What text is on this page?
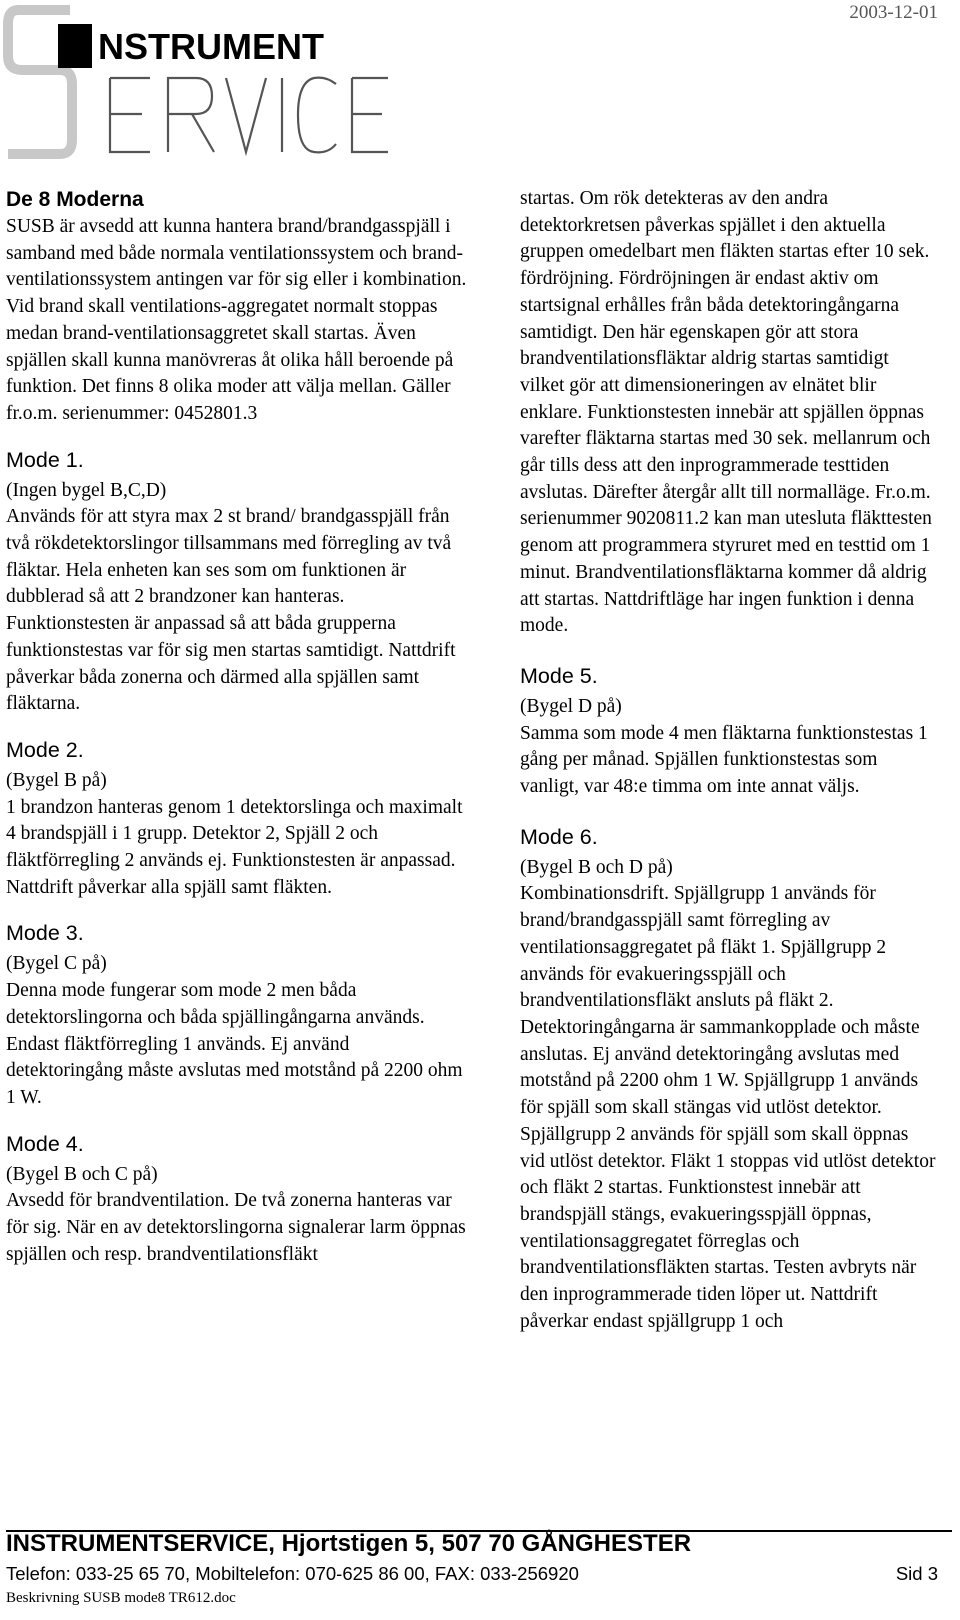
2003-12-01
NSTRUMENT
De 8 Moderna

SUSB är avsedd att kunna hantera brand/brandgasspjäll i samband med både normala ventilationssystem och brand-ventilationssystem antingen var för sig eller i kombination. Vid brand skall ventilations-aggregatet normalt stoppas medan brand-ventilationsaggretet skall startas. Även spjällen skall kunna manövreras åt olika håll beroende på funktion. Det finns 8 olika moder att välja mellan. Gäller fr.o.m. serienummer: 0452801.3

Mode 1.

(Ingen bygel B,C,D)

Används för att styra max 2 st brand/ brandgasspjäll från två rökdetektorslingor tillsammans med förregling av två fläktar. Hela enheten kan ses som om funktionen är dubblerad så att 2 brandzoner kan hanteras. Funktionstesten är anpassad så att båda grupperna funktionstestas var för sig men startas samtidigt. Nattdrift påverkar båda zonerna och därmed alla spjällen samt fläktarna.

Mode 2.

(Bygel B på)

1 brandzon hanteras genom 1 detektorslinga och maximalt 4 brandspjäll i 1 grupp. Detektor 2, Spjäll 2 och fläktförregling 2 används ej. Funktionstesten är anpassad. Nattdrift påverkar alla spjäll samt fläkten.

Mode 3.

(Bygel C på)

Denna mode fungerar som mode 2 men båda detektorslingorna och båda spjällingångarna används. Endast fläktförregling 1 används. Ej använd detektoringång måste avslutas med motstånd på 2200 ohm 1 W.

Mode 4.

(Bygel B och C på)

Avsedd för brandventilation. De två zonerna hanteras var för sig. När en av detektorslingorna signalerar larm öppnas spjällen och resp. brandventilationsfläkt

startas. Om rök detekteras av den andra detektorkretsen påverkas spjället i den aktuella gruppen omedelbart men fläkten startas efter 10 sek. fördröjning. Fördröjningen är endast aktiv om startsignal erhålles från båda detektoringångarna samtidigt. Den här egenskapen gör att stora brandventilationsfläktar aldrig startas samtidigt vilket gör att dimensioneringen av elnätet blir enklare. Funktionstesten innebär att spjällen öppnas varefter fläktarna startas med 30 sek. mellanrum och går tills dess att den inprogrammerade testtiden avslutas. Därefter återgår allt till normalläge. Fr.o.m. serienummer 9020811.2 kan man utesluta fläkttesten genom att programmera styruret med en testtid om 1 minut. Brandventilationsfläktarna kommer då aldrig att startas. Nattdriftläge har ingen funktion i denna mode.

Mode 5.

(Bygel D på)

Samma som mode 4 men fläktarna funktionstestas 1 gång per månad. Spjällen funktionstestas som vanligt, var 48:e timma om inte annat väljs.

Mode 6.

(Bygel B och D på)

Kombinationsdrift. Spjällgrupp 1 används för brand/brandgasspjäll samt förregling av ventilationsaggregatet på fläkt 1. Spjällgrupp 2 används för evakueringsspjäll och brandventilationsfläkt ansluts på fläkt 2. Detektoringångarna är sammankopplade och måste anslutas. Ej använd detektoringång avslutas med motstånd på 2200 ohm 1 W. Spjällgrupp 1 används för spjäll som skall stängas vid utlöst detektor. Spjällgrupp 2 används för spjäll som skall öppnas vid utlöst detektor. Fläkt 1 stoppas vid utlöst detektor och fläkt 2 startas. Funktionstest innebär att brandspjäll stängs, evakueringsspjäll öppnas, ventilationsaggregatet förreglas och brandventilationsfläkten startas. Testen avbryts när den inprogrammerade tiden löper ut. Nattdrift påverkar endast spjällgrupp 1 och

INSTRUMENTSERVICE, Hjortstigen 5, 507 70 GÅNGHESTER
Telefon: 033-25 65 70, Mobiltelefon: 070-625 86 00, FAX: 033-256920	Sid 3
Beskrivning SUSB mode8 TR612.doc
